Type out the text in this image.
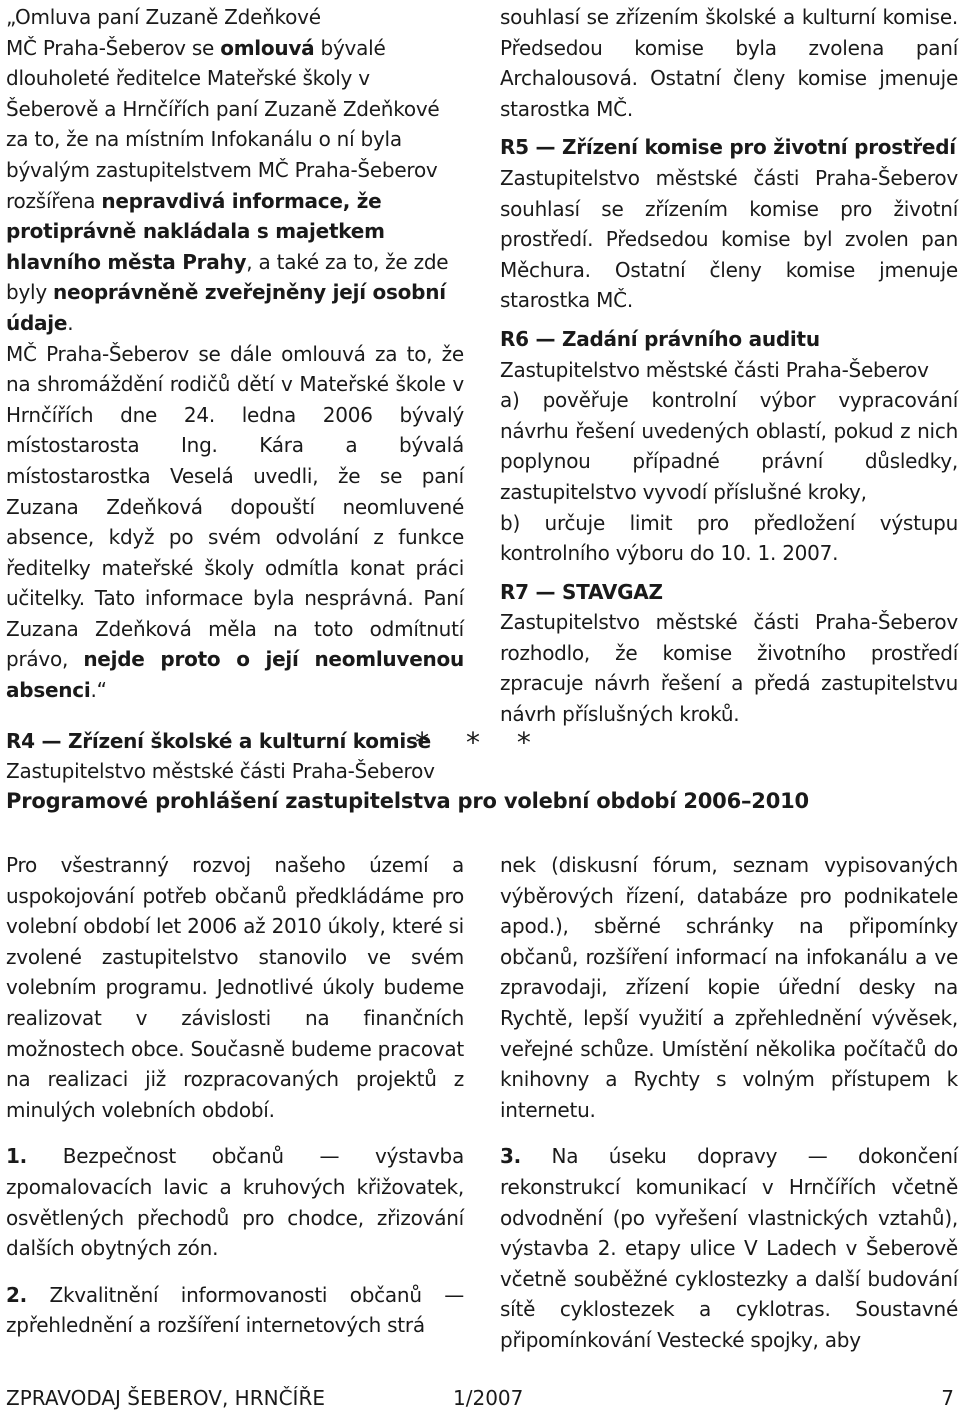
„Omluva paní Zuzaně Zdeňkové
MČ Praha-Šeberov se omlouvá bývalé dlouholeté ředitelce Mateřské školy v Šeberově a Hrnčířích paní Zuzaně Zdeňkové za to, že na místním Infokanálu o ní byla bývalým zastupitelstvem MČ Praha-Šeberov rozšířena nepravdivá informace, že protiprávně nakládala s majetkem hlavního města Prahy, a také za to, že zde byly neoprávněně zveřejněny její osobní údaje.

MČ Praha-Šeberov se dále omlouvá za to, že na shromáždění rodičů dětí v Mateřské škole v Hrnčířích dne 24. ledna 2006 bývalý místostarosta Ing. Kára a bývalá místostarostka Veselá uvedli, že se paní Zuzana Zdeňková dopouští neomluvené absence, když po svém odvolání z funkce ředitelky mateřské školy odmítla konat práci učitelky. Tato informace byla nesprávná. Paní Zuzana Zdeňková měla na toto odmítnutí právo, nejde proto o její neomluvenou absenci.“

R4 — Zřízení školské a kulturní komise

Zastupitelstvo městské části Praha-Šeberov

souhlasí se zřízením školské a kulturní komise. Předsedou komise byla zvolena paní Archalousová. Ostatní členy komise jmenuje starostka MČ.

R5 — Zřízení komise pro životní prostředí

Zastupitelstvo městské části Praha-Šeberov souhlasí se zřízením komise pro životní prostředí. Předsedou komise byl zvolen pan Měchura. Ostatní členy komise jmenuje starostka MČ.

R6 — Zadání právního auditu

Zastupitelstvo městské části Praha-Šeberov

a) pověřuje kontrolní výbor vypracování návrhu řešení uvedených oblastí, pokud z nich poplynou případné právní důsledky, zastupitelstvo vyvodí příslušné kroky,

b) určuje limit pro předložení výstupu kontrolního výboru do 10. 1. 2007.

R7 — STAVGAZ

Zastupitelstvo městské části Praha-Šeberov rozhodlo, že komise životního prostředí zpracuje návrh řešení a předá zastupitelstvu návrh příslušných kroků.

* * *
Programové prohlášení zastupitelstva pro volební období 2006–2010

Pro všestranný rozvoj našeho území a uspokojování potřeb občanů předkládáme pro volební období let 2006 až 2010 úkoly, které si zvolené zastupitelstvo stanovilo ve svém volebním programu. Jednotlivé úkoly budeme realizovat v závislosti na finančních možnostech obce. Současně budeme pracovat na realizaci již rozpracovaných projektů z minulých volebních období.

1. Bezpečnost občanů — výstavba zpomalovacích lavic a kruhových křižovatek, osvětlených přechodů pro chodce, zřizování dalších obytných zón.

2. Zkvalitnění informovanosti občanů — zpřehlednění a rozšíření internetových strá

nek (diskusní fórum, seznam vypisovaných výběrových řízení, databáze pro podnikatele apod.), sběrné schránky na připomínky občanů, rozšíření informací na infokanálu a ve zpravodaji, zřízení kopie úřední desky na Rychtě, lepší využití a zpřehlednění vývěsek, veřejné schůze. Umístění několika počítačů do knihovny a Rychty s volným přístupem k internetu.

3. Na úseku dopravy — dokončení rekonstrukcí komunikací v Hrnčířích včetně odvodnění (po vyřešení vlastnických vztahů), výstavba 2. etapy ulice V Ladech v Šeberově včetně souběžné cyklostezky a další budování sítě cyklostezek a cyklotras. Soustavné připomínkování Vestecké spojky, aby

ZPRAVODAJ ŠEBEROV, HRNČÍŘE	1/2007	7
